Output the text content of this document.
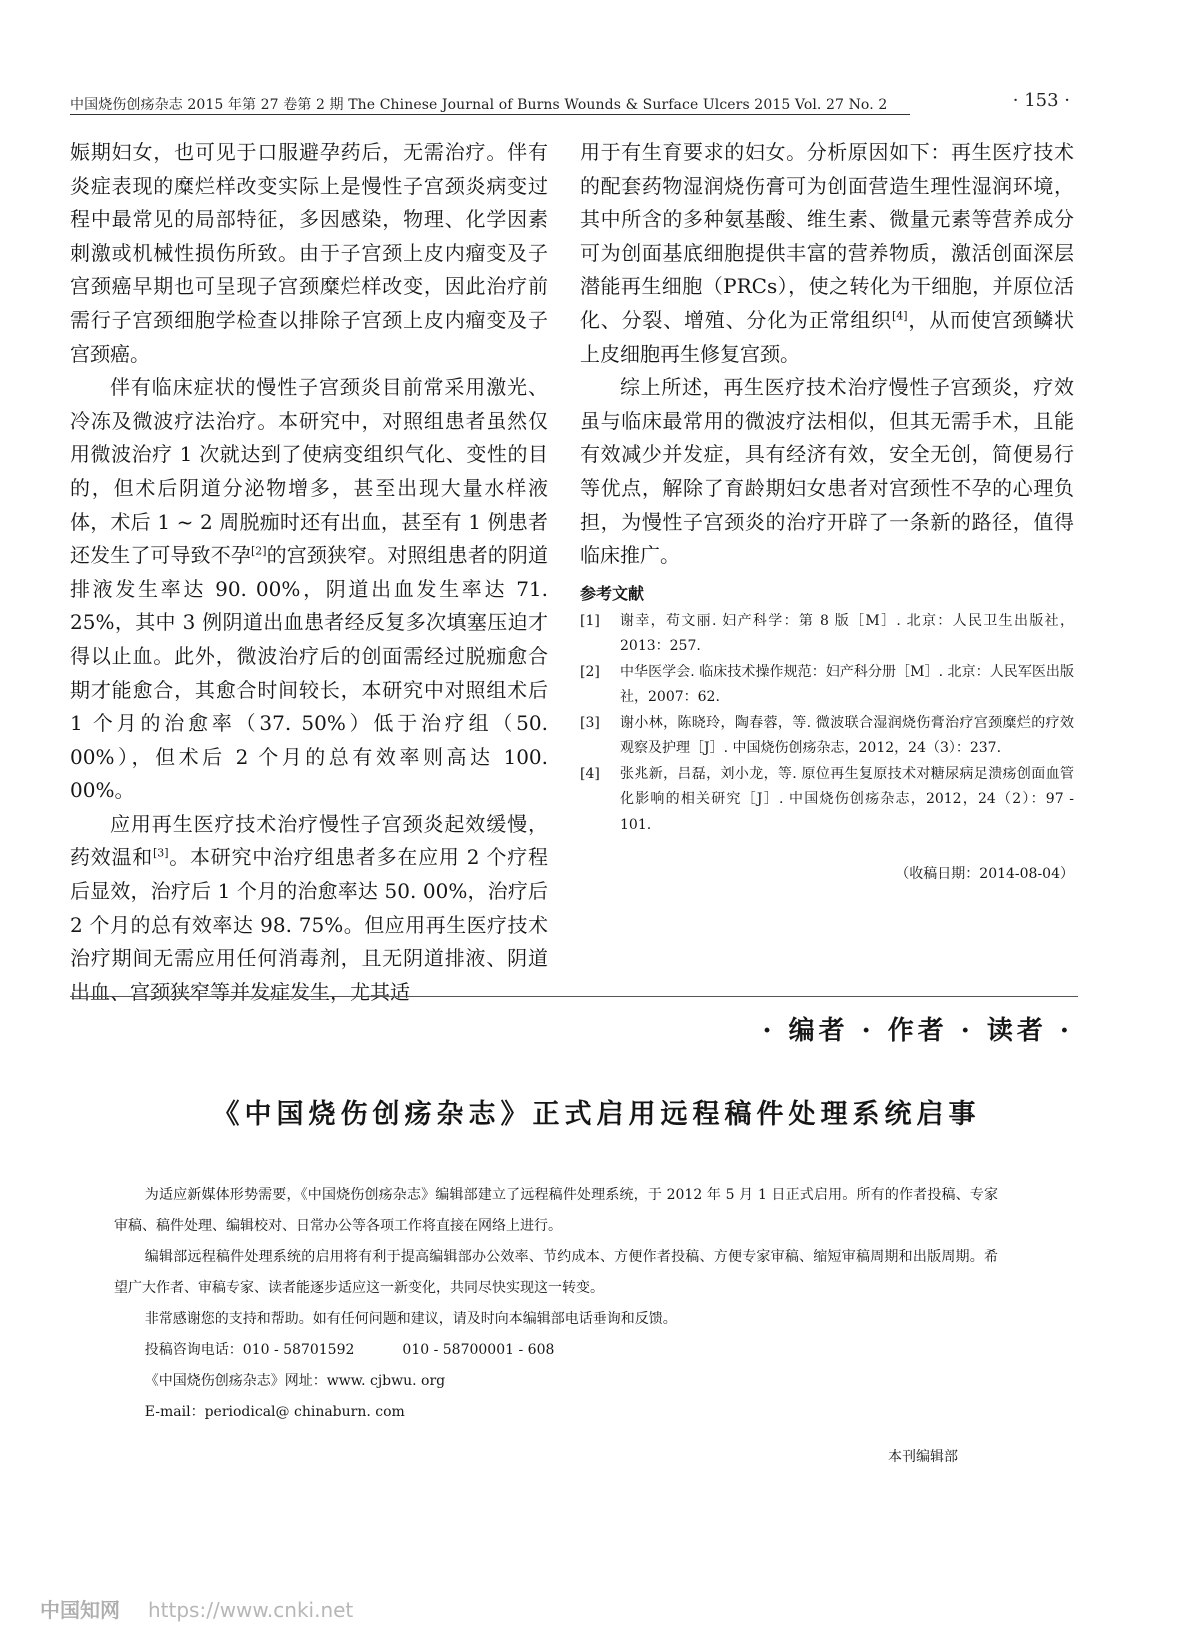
中国烧伤创疡杂志 2015 年第 27 卷第 2 期 The Chinese Journal of Burns Wounds & Surface Ulcers 2015 Vol. 27 No. 2	· 153 ·

娠期妇女，也可见于口服避孕药后，无需治疗。伴有炎症表现的糜烂样改变实际上是慢性子宫颈炎病变过程中最常见的局部特征，多因感染，物理、化学因素刺激或机械性损伤所致。由于子宫颈上皮内瘤变及子宫颈癌早期也可呈现子宫颈糜烂样改变，因此治疗前需行子宫颈细胞学检查以排除子宫颈上皮内瘤变及子宫颈癌。

伴有临床症状的慢性子宫颈炎目前常采用激光、冷冻及微波疗法治疗。本研究中，对照组患者虽然仅用微波治疗 1 次就达到了使病变组织气化、变性的目的，但术后阴道分泌物增多，甚至出现大量水样液体，术后 1 ~ 2 周脱痂时还有出血，甚至有 1 例患者还发生了可导致不孕[2]的宫颈狭窄。对照组患者的阴道排液发生率达 90. 00%，阴道出血发生率达 71. 25%，其中 3 例阴道出血患者经反复多次填塞压迫才得以止血。此外，微波治疗后的创面需经过脱痂愈合期才能愈合，其愈合时间较长，本研究中对照组术后 1 个月的治愈率（37. 50%）低于治疗组（50. 00%），但术后 2 个月的总有效率则高达 100. 00%。

应用再生医疗技术治疗慢性子宫颈炎起效缓慢，药效温和[3]。本研究中治疗组患者多在应用 2 个疗程后显效，治疗后 1 个月的治愈率达 50. 00%，治疗后 2 个月的总有效率达 98. 75%。但应用再生医疗技术治疗期间无需应用任何消毒剂，且无阴道排液、阴道出血、宫颈狭窄等并发症发生，尤其适

用于有生育要求的妇女。分析原因如下：再生医疗技术的配套药物湿润烧伤膏可为创面营造生理性湿润环境，其中所含的多种氨基酸、维生素、微量元素等营养成分可为创面基底细胞提供丰富的营养物质，激活创面深层潜能再生细胞（PRCs），使之转化为干细胞，并原位活化、分裂、增殖、分化为正常组织[4]，从而使宫颈鳞状上皮细胞再生修复宫颈。

综上所述，再生医疗技术治疗慢性子宫颈炎，疗效虽与临床最常用的微波疗法相似，但其无需手术，且能有效减少并发症，具有经济有效，安全无创，简便易行等优点，解除了育龄期妇女患者对宫颈性不孕的心理负担，为慢性子宫颈炎的治疗开辟了一条新的路径，值得临床推广。

参考文献
[1]	谢幸，苟文丽. 妇产科学：第 8 版［M］. 北京：人民卫生出版社，2013：257.
[2]	中华医学会. 临床技术操作规范：妇产科分册［M］. 北京：人民军医出版社，2007：62.
[3]	谢小林，陈晓玲，陶春蓉，等. 微波联合湿润烧伤膏治疗宫颈糜烂的疗效观察及护理［J］. 中国烧伤创疡杂志，2012，24（3）：237.
[4]	张兆新，吕磊，刘小龙，等. 原位再生复原技术对糖尿病足溃疡创面血管化影响的相关研究［J］. 中国烧伤创疡杂志，2012，24（2）：97 - 101.
（收稿日期：2014-08-04）
· 编者 · 作者 · 读者 ·
《中国烧伤创疡杂志》正式启用远程稿件处理系统启事

为适应新媒体形势需要，《中国烧伤创疡杂志》编辑部建立了远程稿件处理系统，于 2012 年 5 月 1 日正式启用。所有的作者投稿、专家审稿、稿件处理、编辑校对、日常办公等各项工作将直接在网络上进行。

编辑部远程稿件处理系统的启用将有利于提高编辑部办公效率、节约成本、方便作者投稿、方便专家审稿、缩短审稿周期和出版周期。希望广大作者、审稿专家、读者能逐步适应这一新变化，共同尽快实现这一转变。

非常感谢您的支持和帮助。如有任何问题和建议，请及时向本编辑部电话垂询和反馈。

投稿咨询电话：010 - 58701592	010 - 58700001 - 608

《中国烧伤创疡杂志》网址：www. cjbwu. org

E-mail：periodical@ chinaburn. com

本刊编辑部

中国知网 https://www.cnki.net
